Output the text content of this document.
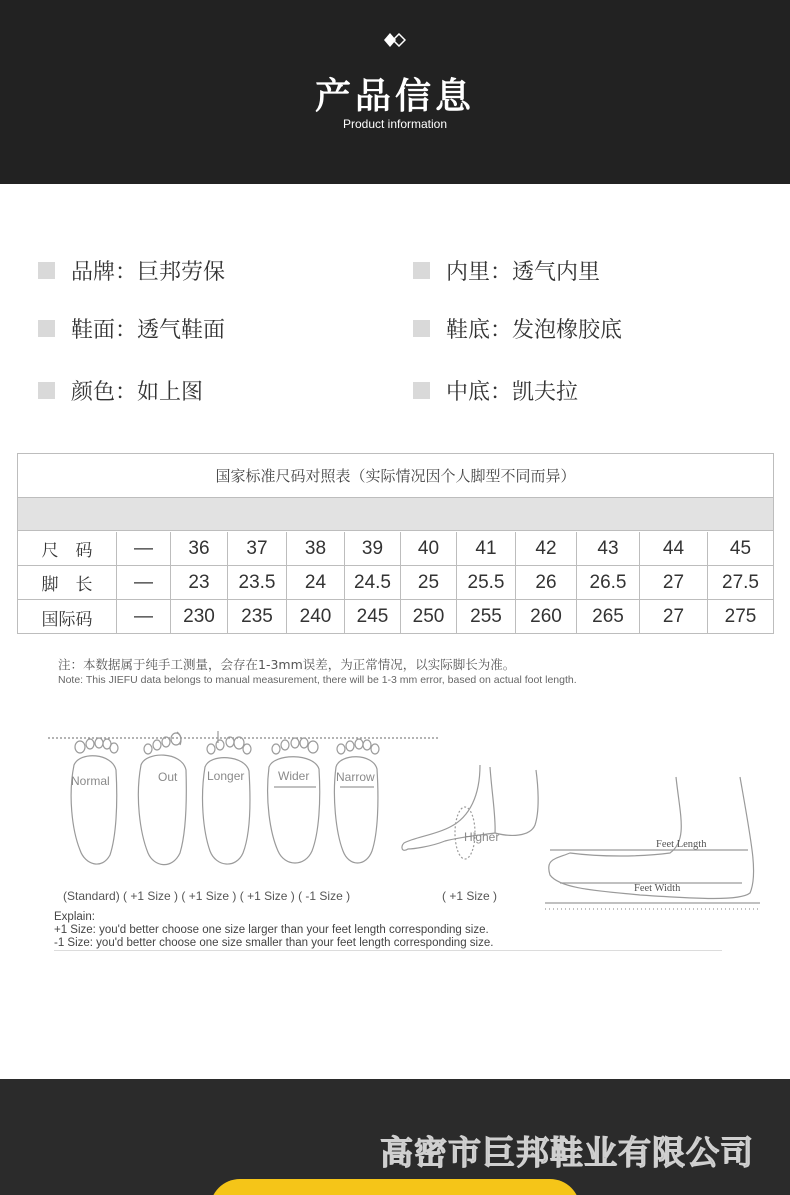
产品信息
Product information
品牌：巨邦劳保
鞋面：透气鞋面
颜色：如上图
内里：透气内里
鞋底：发泡橡胶底
中底：凯夫拉
国家标准尺码对照表（实际情况因个人脚型不同而异）
尺　码	—	36	37	38	39	40	41	42	43	44	45
脚　长	—	23	23.5	24	24.5	25	25.5	26	26.5	27	27.5
国际码	—	230	235	240	245	250	255	260	265	27	275
注：本数据属于纯手工测量，会存在1-3mm误差，为正常情况，以实际脚长为准。
Note: This JIEFU data belongs to manual measurement, there will be 1-3 mm error, based on actual foot length.
Normal	Out Longer	Wider Narrow
Higher
Feet Length
Feet Width
(Standard) ( +1 Size ) ( +1 Size ) ( +1 Size ) ( -1 Size )	( +1 Size )
Explain:
+1 Size: you'd better choose one size larger than your feet length corresponding size.
-1 Size: you'd better choose one size smaller than your feet length corresponding size.
高密市巨邦鞋业有限公司
